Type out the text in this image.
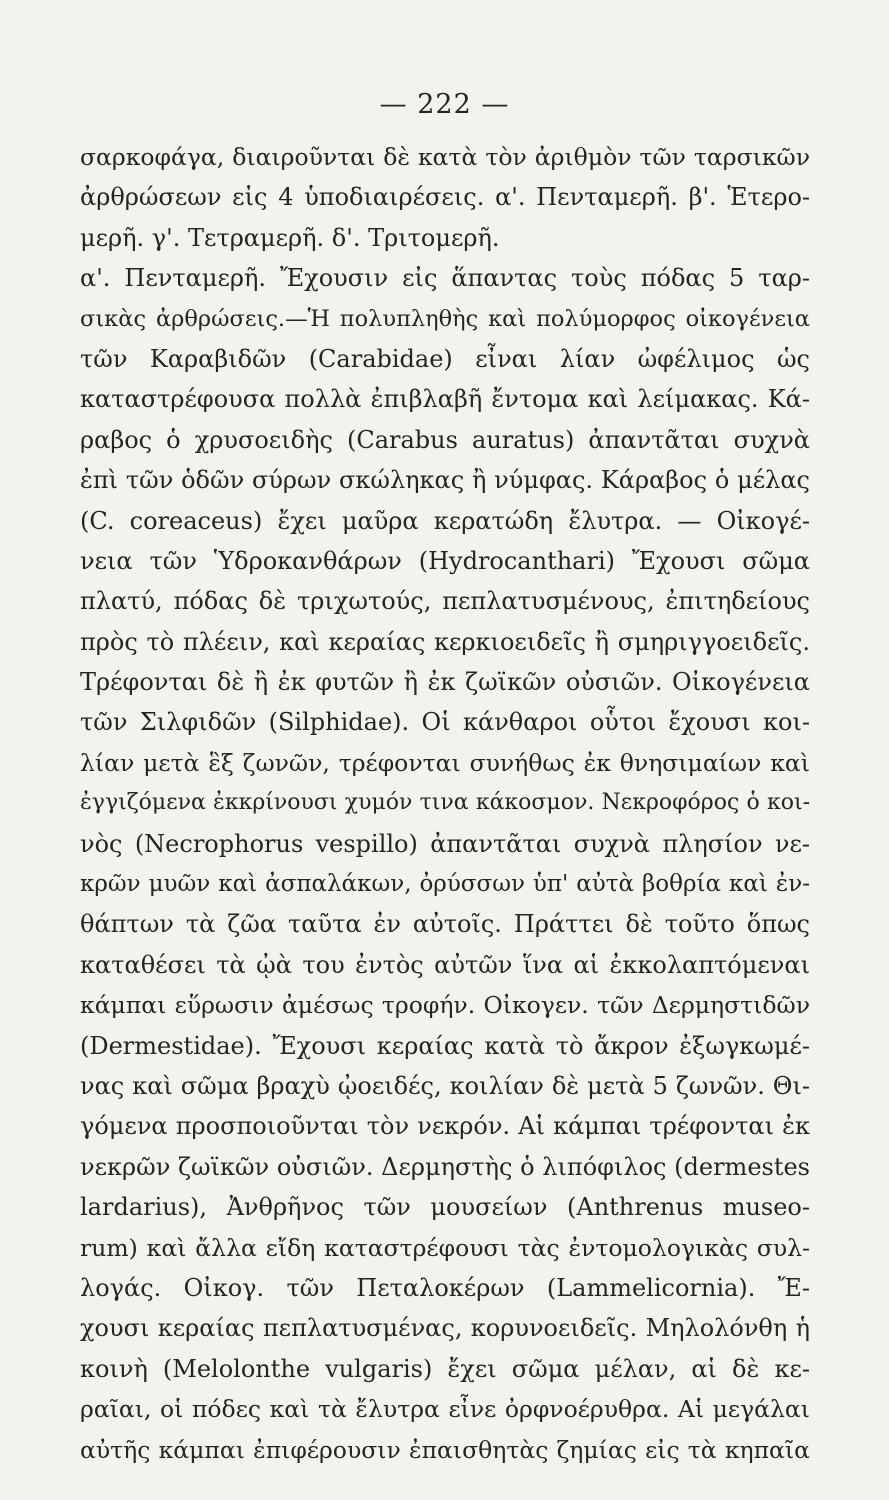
— 222 —
σαρκοφάγα, διαιροῦνται δὲ κατὰ τὸν ἀριθμὸν τῶν ταρσικῶν
ἀρθρώσεων εἰς 4 ὑποδιαιρέσεις. α'. Πενταμερῆ. β'. Ἑτερο-
μερῆ. γ'. Τετραμερῆ. δ'. Τριτομερῆ.
α'. Πενταμερῆ. Ἔχουσιν εἰς ἅπαντας τοὺς πόδας 5 ταρ-
σικὰς ἀρθρώσεις.—Ἡ πολυπληθὴς καὶ πολύμορφος οἰκογένεια
τῶν Καραβιδῶν (Carabidae) εἶναι λίαν ὠφέλιμος ὡς
καταστρέφουσα πολλὰ ἐπιβλαβῆ ἔντομα καὶ λείμακας. Κά-
ραβος ὁ χρυσοειδὴς (Carabus auratus) ἀπαντᾶται συχνὰ
ἐπὶ τῶν ὁδῶν σύρων σκώληκας ἢ νύμφας. Κάραβος ὁ μέλας
(C. coreaceus) ἔχει μαῦρα κερατώδη ἔλυτρα. — Οἰκογέ-
νεια τῶν Ὑδροκανθάρων (Hydrocanthari) Ἔχουσι σῶμα
πλατύ, πόδας δὲ τριχωτούς, πεπλατυσμένους, ἐπιτηδείους
πρὸς τὸ πλέειν, καὶ κεραίας κερκιοειδεῖς ἢ σμηριγγοειδεῖς.
Τρέφονται δὲ ἢ ἐκ φυτῶν ἢ ἐκ ζωϊκῶν οὐσιῶν. Οἰκογένεια
τῶν Σιλφιδῶν (Silphidae). Οἱ κάνθαροι οὗτοι ἔχουσι κοι-
λίαν μετὰ ἓξ ζωνῶν, τρέφονται συνήθως ἐκ θνησιμαίων καὶ
ἐγγιζόμενα ἐκκρίνουσι χυμόν τινα κάκοσμον. Νεκροφόρος ὁ κοι-
νὸς (Necrophorus vespillo) ἀπαντᾶται συχνὰ πλησίον νε-
κρῶν μυῶν καὶ ἀσπαλάκων, ὀρύσσων ὑπ' αὐτὰ βοθρία καὶ ἐν-
θάπτων τὰ ζῶα ταῦτα ἐν αὐτοῖς. Πράττει δὲ τοῦτο ὅπως
καταθέσει τὰ ᾠὰ του ἐντὸς αὐτῶν ἵνα αἱ ἐκκολαπτόμεναι
κάμπαι εὕρωσιν ἀμέσως τροφήν. Οἰκογεν. τῶν Δερμηστιδῶν
(Dermestidae). Ἔχουσι κεραίας κατὰ τὸ ἄκρον ἐξωγκωμέ-
νας καὶ σῶμα βραχὺ ᾠοειδές, κοιλίαν δὲ μετὰ 5 ζωνῶν. Θι-
γόμενα προσποιοῦνται τὸν νεκρόν. Αἱ κάμπαι τρέφονται ἐκ
νεκρῶν ζωϊκῶν οὐσιῶν. Δερμηστὴς ὁ λιπόφιλος (dermestes
lardarius), Ἀνθρῆνος τῶν μουσείων (Anthrenus museo-
rum) καὶ ἄλλα εἴδη καταστρέφουσι τὰς ἐντομολογικὰς συλ-
λογάς. Οἰκογ. τῶν Πεταλοκέρων (Lammelicornia). Ἔ-
χουσι κεραίας πεπλατυσμένας, κορυνοειδεῖς. Μηλολόνθη ἡ
κοινὴ (Melolonthe vulgaris) ἔχει σῶμα μέλαν, αἱ δὲ κε-
ραῖαι, οἱ πόδες καὶ τὰ ἔλυτρα εἶνε ὀρφνοέρυθρα. Αἱ μεγάλαι
αὐτῆς κάμπαι ἐπιφέρουσιν ἐπαισθητὰς ζημίας εἰς τὰ κηπαῖα
